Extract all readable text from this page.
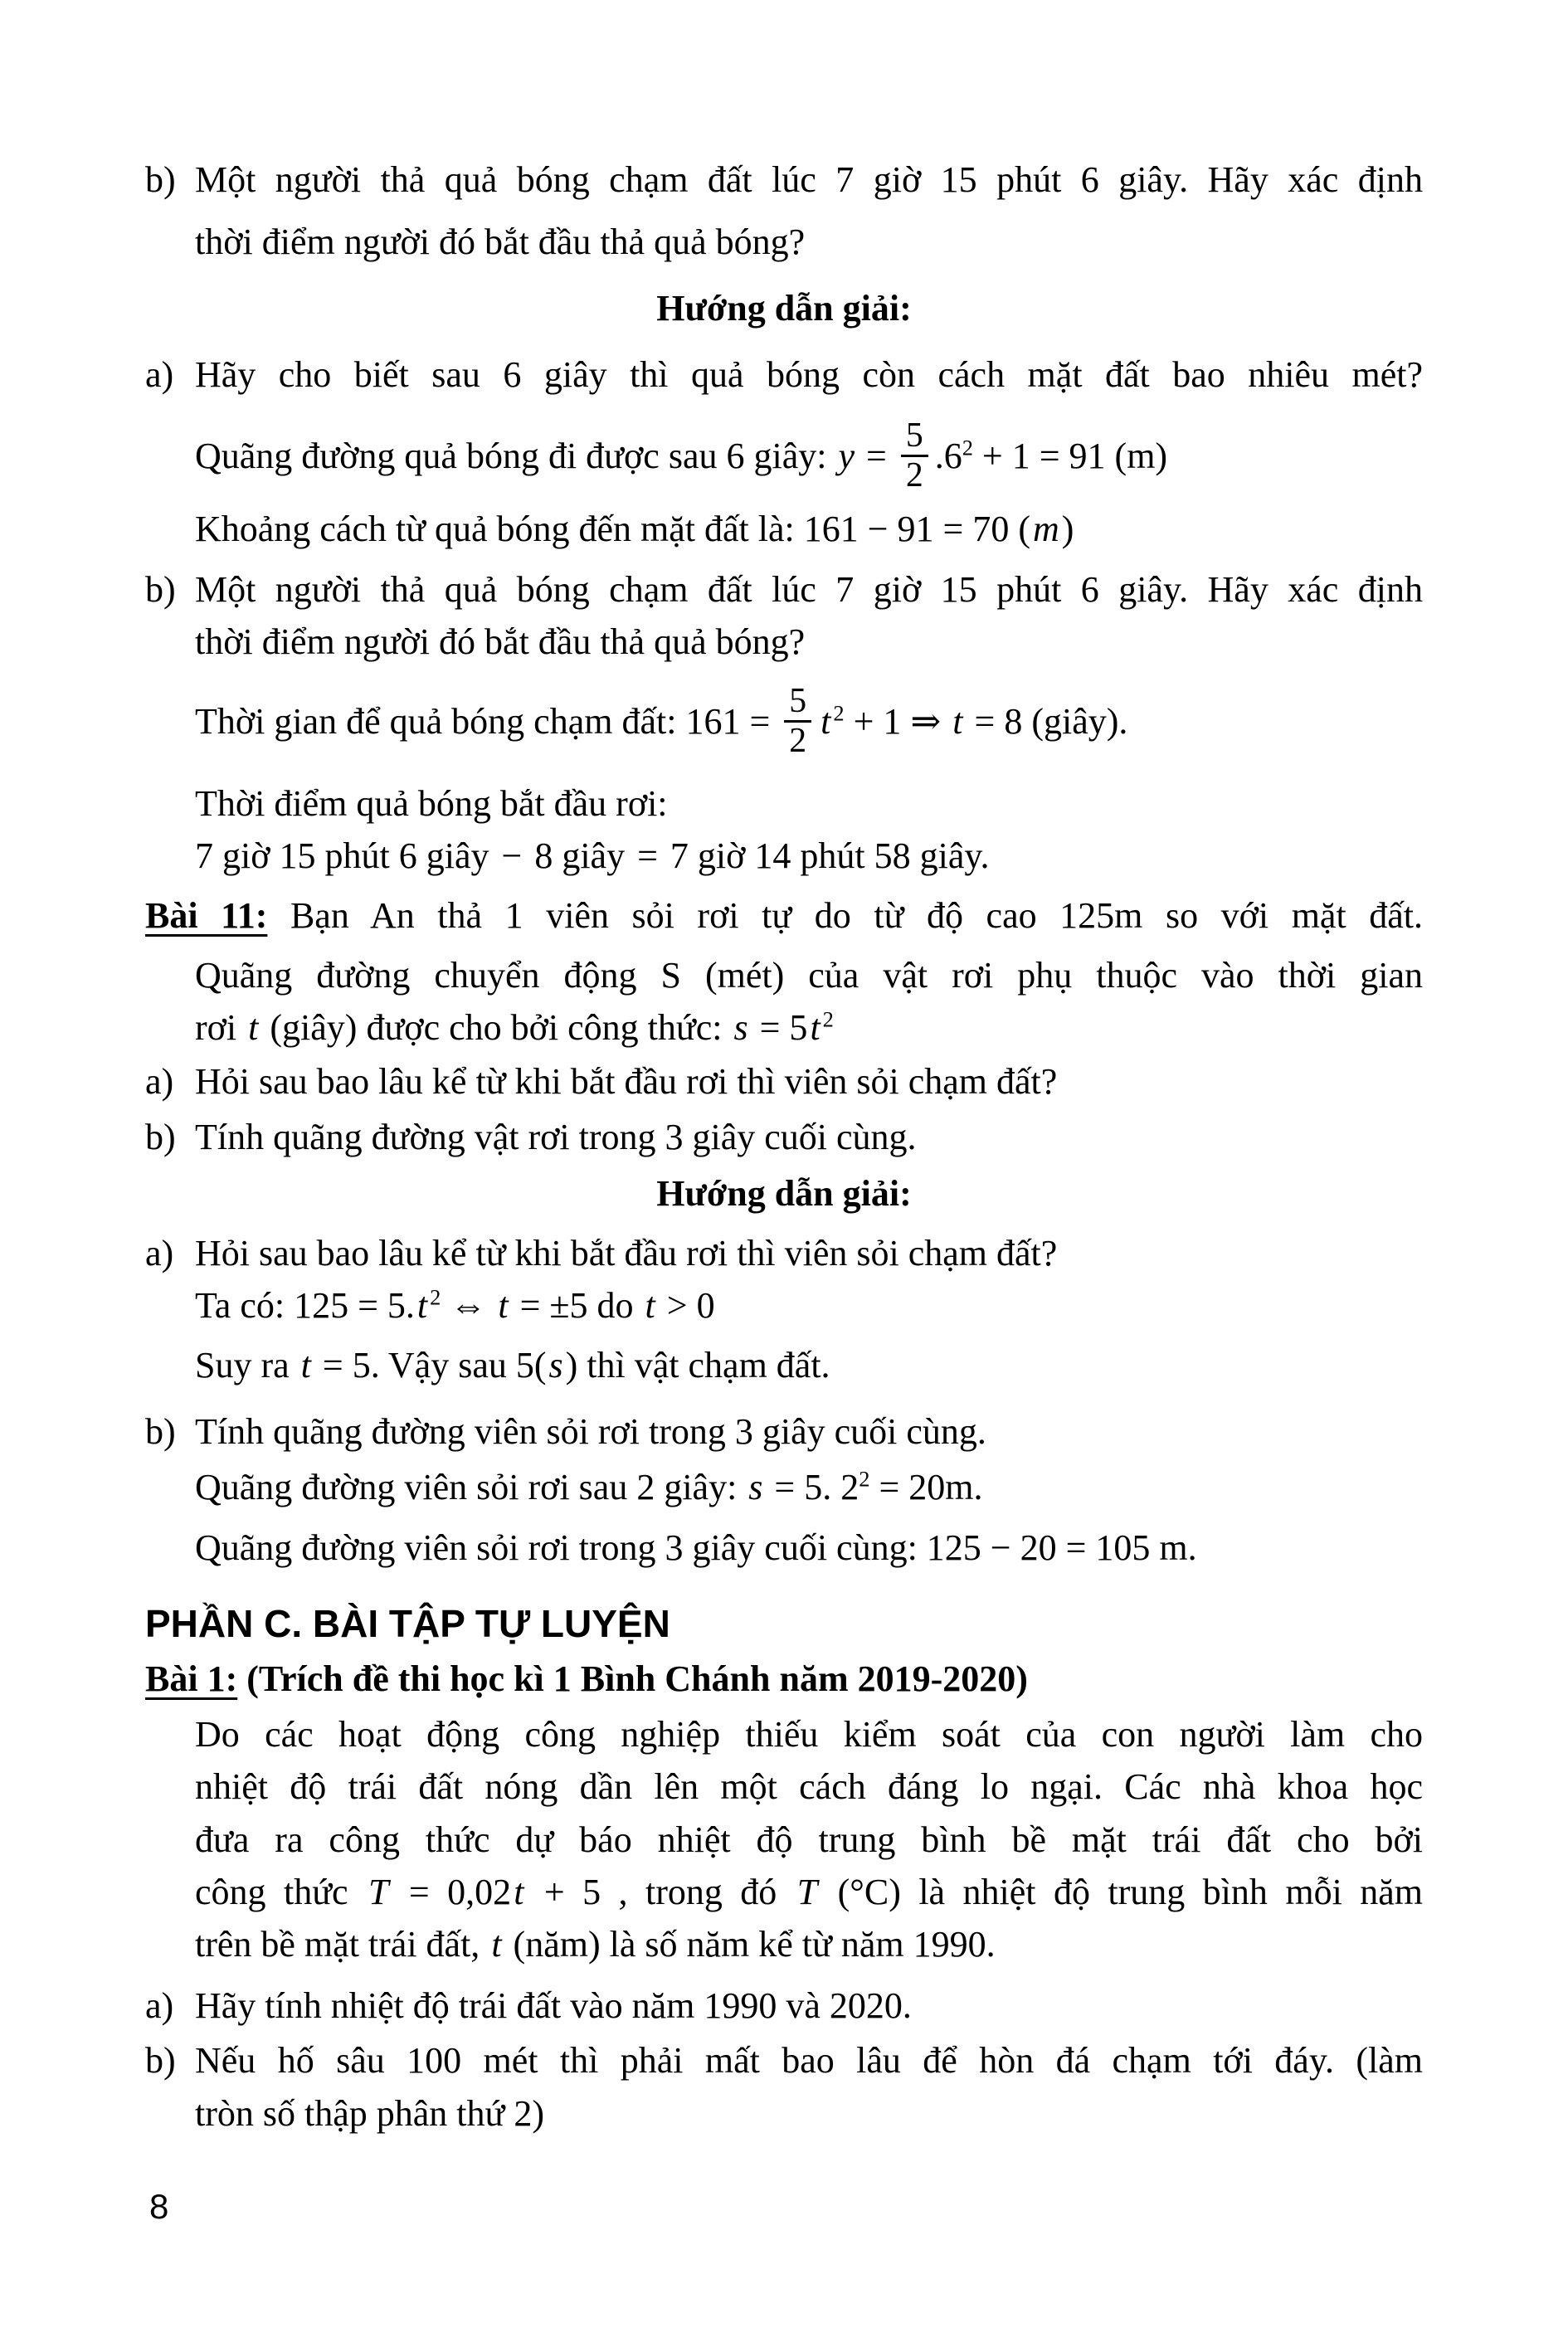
b) Một người thả quả bóng chạm đất lúc 7 giờ 15 phút 6 giây. Hãy xác định
thời điểm người đó bắt đầu thả quả bóng?
Hướng dẫn giải:
a) Hãy cho biết sau 6 giây thì quả bóng còn cách mặt đất bao nhiêu mét?
Quãng đường quả bóng đi được sau 6 giây: $y = \frac{5}{2} .6^2 + 1 = 91$ (m)
Khoảng cách từ quả bóng đến mặt đất là: 161 − 91 = 70 (m)
b) Một người thả quả bóng chạm đất lúc 7 giờ 15 phút 6 giây. Hãy xác định
thời điểm người đó bắt đầu thả quả bóng?
Thời gian để quả bóng chạm đất: $161 = \frac{5}{2}$ t $^2$ + 1 ⇒ t = 8 (giây).
Thời điểm quả bóng bắt đầu rơi:
7 giờ 15 phút 6 giây − 8 giây = 7 giờ 14 phút 58 giây.
Bài 11: Bạn An thả 1 viên sỏi rơi tự do từ độ cao 125m so với mặt đất.
Quãng đường chuyển động S (mét) của vật rơi phụ thuộc vào thời gian
rơi t (giây) được cho bởi công thức: s = 5t $^2$
a) Hỏi sau bao lâu kể từ khi bắt đầu rơi thì viên sỏi chạm đất?
b) Tính quãng đường vật rơi trong 3 giây cuối cùng.
Hướng dẫn giải:
a) Hỏi sau bao lâu kể từ khi bắt đầu rơi thì viên sỏi chạm đất?
Ta có: 125 = 5.t $^2$ ⇔ t = ±5 do t > 0
Suy ra t = 5. Vậy sau 5(s) thì vật chạm đất.
b) Tính quãng đường viên sỏi rơi trong 3 giây cuối cùng.
Quãng đường viên sỏi rơi sau 2 giây: s = 5. $2^2 = 20m$.
Quãng đường viên sỏi rơi trong 3 giây cuối cùng: 125 − 20 = 105 m.
PHẦN C. BÀI TẬP TỰ LUYỆN
Bài 1: (Trích đề thi học kì 1 Bình Chánh năm 2019-2020)
Do các hoạt động công nghiệp thiếu kiểm soát của con người làm cho
nhiệt độ trái đất nóng dần lên một cách đáng lo ngại. Các nhà khoa học
đưa ra công thức dự báo nhiệt độ trung bình bề mặt trái đất cho bởi
công thức T = 0,02t + 5 , trong đó T (°C) là nhiệt độ trung bình mỗi năm
trên bề mặt trái đất, t (năm) là số năm kể từ năm 1990.
a) Hãy tính nhiệt độ trái đất vào năm 1990 và 2020.
b) Nếu hố sâu 100 mét thì phải mất bao lâu để hòn đá chạm tới đáy. (làm
tròn số thập phân thứ 2)
8
